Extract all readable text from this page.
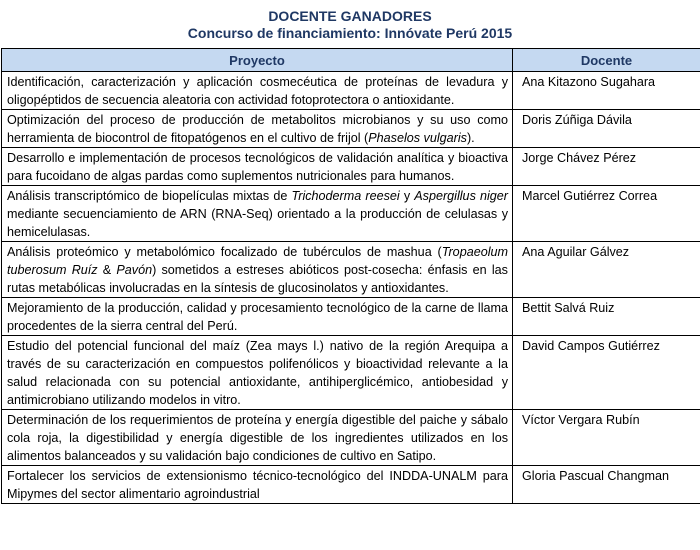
DOCENTE GANADORES
Concurso de financiamiento: Innóvate Perú 2015
Proyecto	Docente
Identificación, caracterización y aplicación cosmecéutica de proteínas de levadura y oligopéptidos de secuencia aleatoria con actividad fotoprotectora o antioxidante.	Ana Kitazono Sugahara
Optimización del proceso de producción de metabolitos microbianos y su uso como herramienta de biocontrol de fitopatógenos en el cultivo de frijol (Phaselos vulgaris).	Doris Zúñiga Dávila
Desarrollo e implementación de procesos tecnológicos de validación analítica y bioactiva para fucoidano de algas pardas como suplementos nutricionales para humanos.	Jorge Chávez Pérez
Análisis transcriptómico de biopelículas mixtas de Trichoderma reesei y Aspergillus niger mediante secuenciamiento de ARN (RNA-Seq) orientado a la producción de celulasas y hemicelulasas.	Marcel Gutiérrez Correa
Análisis proteómico y metabolómico focalizado de tubérculos de mashua (Tropaeolum tuberosum Ruíz & Pavón) sometidos a estreses abióticos post-cosecha: énfasis en las rutas metabólicas involucradas en la síntesis de glucosinolatos y antioxidantes.	Ana Aguilar Gálvez
Mejoramiento de la producción, calidad y procesamiento tecnológico de la carne de llama procedentes de la sierra central del Perú.	Bettit Salvá Ruiz
Estudio del potencial funcional del maíz (Zea mays l.) nativo de la región Arequipa a través de su caracterización en compuestos polifenólicos y bioactividad relevante a la salud relacionada con su potencial antioxidante, antihiperglicémico, antiobesidad y antimicrobiano utilizando modelos in vitro.	David Campos Gutiérrez
Determinación de los requerimientos de proteína y energía digestible del paiche y sábalo cola roja, la digestibilidad y energía digestible de los ingredientes utilizados en los alimentos balanceados y su validación bajo condiciones de cultivo en Satipo.	Víctor Vergara Rubín
Fortalecer los servicios de extensionismo técnico-tecnológico del INDDA-UNALM para Mipymes del sector alimentario agroindustrial	Gloria Pascual Changman
